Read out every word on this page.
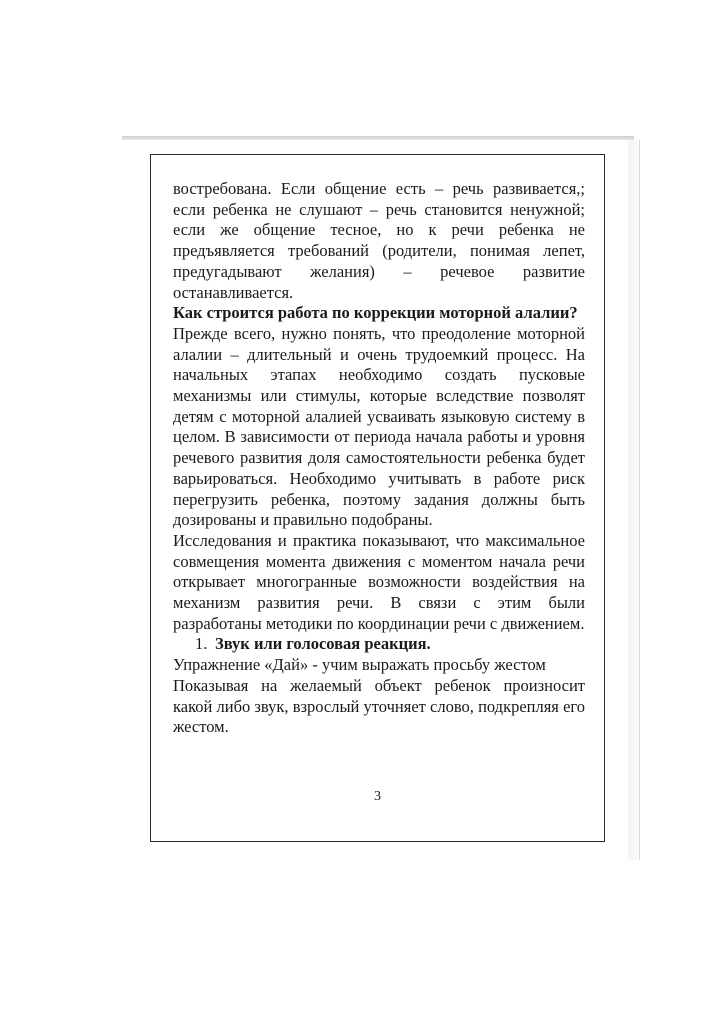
востребована. Если общение есть – речь развивается,; если ребенка не слушают – речь становится ненужной; если же общение тесное, но к речи ребенка не предъявляется требований (родители, понимая лепет, предугадывают желания) – речевое развитие останавливается.

Как строится работа по коррекции моторной алалии?

Прежде всего, нужно понять, что преодоление моторной алалии – длительный и очень трудоемкий процесс. На начальных этапах необходимо создать пусковые механизмы или стимулы, которые вследствие позволят детям с моторной алалией усваивать языковую систему в целом. В зависимости от периода начала работы и уровня речевого развития доля самостоятельности ребенка будет варьироваться. Необходимо учитывать в работе риск перегрузить ребенка, поэтому задания должны быть дозированы и правильно подобраны.

Исследования и практика показывают, что максимальное совмещения момента движения с моментом начала речи открывает многогранные возможности воздействия на механизм развития речи. В связи с этим были разработаны методики по координации речи с движением.

1. Звук или голосовая реакция.

Упражнение «Дай» - учим выражать просьбу жестом

Показывая на желаемый объект ребенок произносит какой либо звук, взрослый уточняет слово, подкрепляя его жестом.

3
